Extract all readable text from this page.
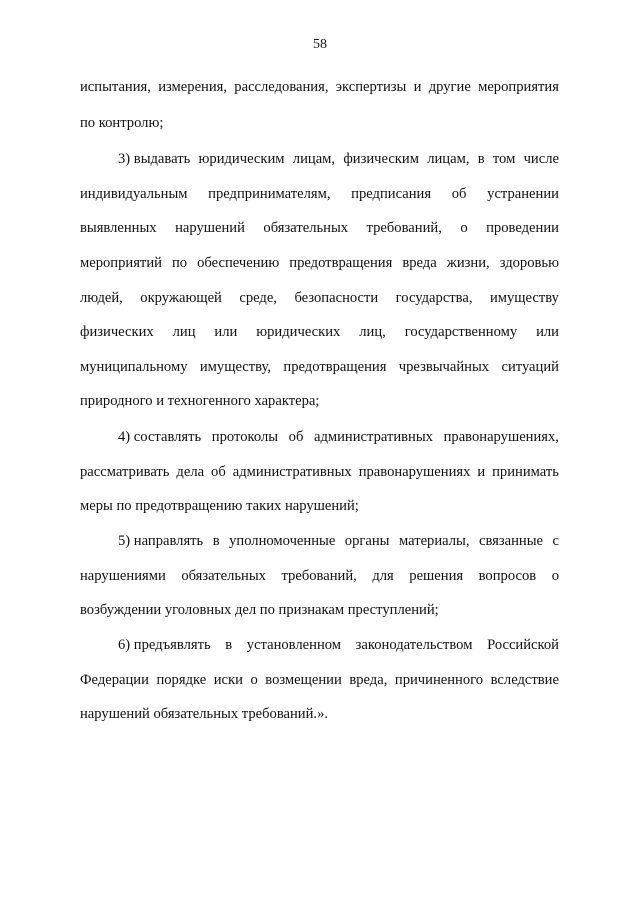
58
испытания, измерения, расследования, экспертизы и другие мероприятия
по контролю;
3) выдавать юридическим лицам, физическим лицам, в том числе
индивидуальным предпринимателям, предписания об устранении
выявленных нарушений обязательных требований, о проведении
мероприятий по обеспечению предотвращения вреда жизни, здоровью
людей, окружающей среде, безопасности государства, имуществу
физических лиц или юридических лиц, государственному или
муниципальному имуществу, предотвращения чрезвычайных ситуаций
природного и техногенного характера;
4) составлять протоколы об административных правонарушениях,
рассматривать дела об административных правонарушениях и принимать
меры по предотвращению таких нарушений;
5) направлять в уполномоченные органы материалы, связанные с
нарушениями обязательных требований, для решения вопросов о
возбуждении уголовных дел по признакам преступлений;
6) предъявлять в установленном законодательством Российской
Федерации порядке иски о возмещении вреда, причиненного вследствие
нарушений обязательных требований.».
